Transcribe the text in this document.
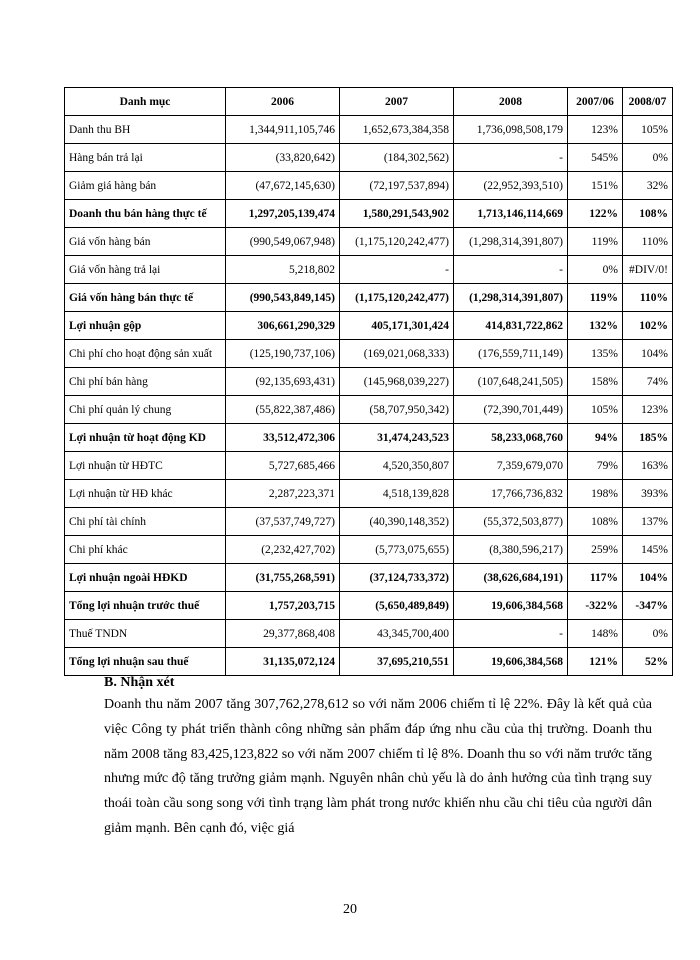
Danh mục	2006	2007	2008	2007/06	2008/07
Danh thu BH	1,344,911,105,746	1,652,673,384,358	1,736,098,508,179	123%	105%
Hàng bán trả lại	(33,820,642)	(184,302,562)	-	545%	0%
Giảm giá hàng bán	(47,672,145,630)	(72,197,537,894)	(22,952,393,510)	151%	32%
Doanh thu bán hàng thực tế	1,297,205,139,474	1,580,291,543,902	1,713,146,114,669	122%	108%
Giá vốn hàng bán	(990,549,067,948)	(1,175,120,242,477)	(1,298,314,391,807)	119%	110%
Giá vốn hàng trả lại	5,218,802	-	-	0%	#DIV/0!
Giá vốn hàng bán thực tế	(990,543,849,145)	(1,175,120,242,477)	(1,298,314,391,807)	119%	110%
Lợi nhuận gộp	306,661,290,329	405,171,301,424	414,831,722,862	132%	102%
Chi phí cho hoạt động sản xuất	(125,190,737,106)	(169,021,068,333)	(176,559,711,149)	135%	104%
Chi phí bán hàng	(92,135,693,431)	(145,968,039,227)	(107,648,241,505)	158%	74%
Chi phí quản lý chung	(55,822,387,486)	(58,707,950,342)	(72,390,701,449)	105%	123%
Lợi nhuận từ hoạt động KD	33,512,472,306	31,474,243,523	58,233,068,760	94%	185%
Lợi nhuận từ HĐTC	5,727,685,466	4,520,350,807	7,359,679,070	79%	163%
Lợi nhuận từ HĐ khác	2,287,223,371	4,518,139,828	17,766,736,832	198%	393%
Chi phí tài chính	(37,537,749,727)	(40,390,148,352)	(55,372,503,877)	108%	137%
Chi phí khác	(2,232,427,702)	(5,773,075,655)	(8,380,596,217)	259%	145%
Lợi nhuận ngoài HĐKD	(31,755,268,591)	(37,124,733,372)	(38,626,684,191)	117%	104%
Tổng lợi nhuận trước thuế	1,757,203,715	(5,650,489,849)	19,606,384,568	-322%	-347%
Thuế TNDN	29,377,868,408	43,345,700,400	-	148%	0%
Tổng lợi nhuận sau thuế	31,135,072,124	37,695,210,551	19,606,384,568	121%	52%
B. Nhận xét
Doanh thu năm 2007 tăng 307,762,278,612 so với năm 2006 chiếm tỉ lệ 22%. Đây là kết quả của việc Công ty phát triển thành công những sản phẩm đáp ứng nhu cầu của thị trường. Doanh thu năm 2008 tăng 83,425,123,822 so với năm 2007 chiếm tỉ lệ 8%. Doanh thu so với năm trước tăng nhưng mức độ tăng trưởng giảm mạnh. Nguyên nhân chủ yếu là do ảnh hưởng của tình trạng suy thoái toàn cầu song song với tình trạng làm phát trong nước khiến nhu cầu chi tiêu của người dân giảm mạnh. Bên cạnh đó, việc giá
20
